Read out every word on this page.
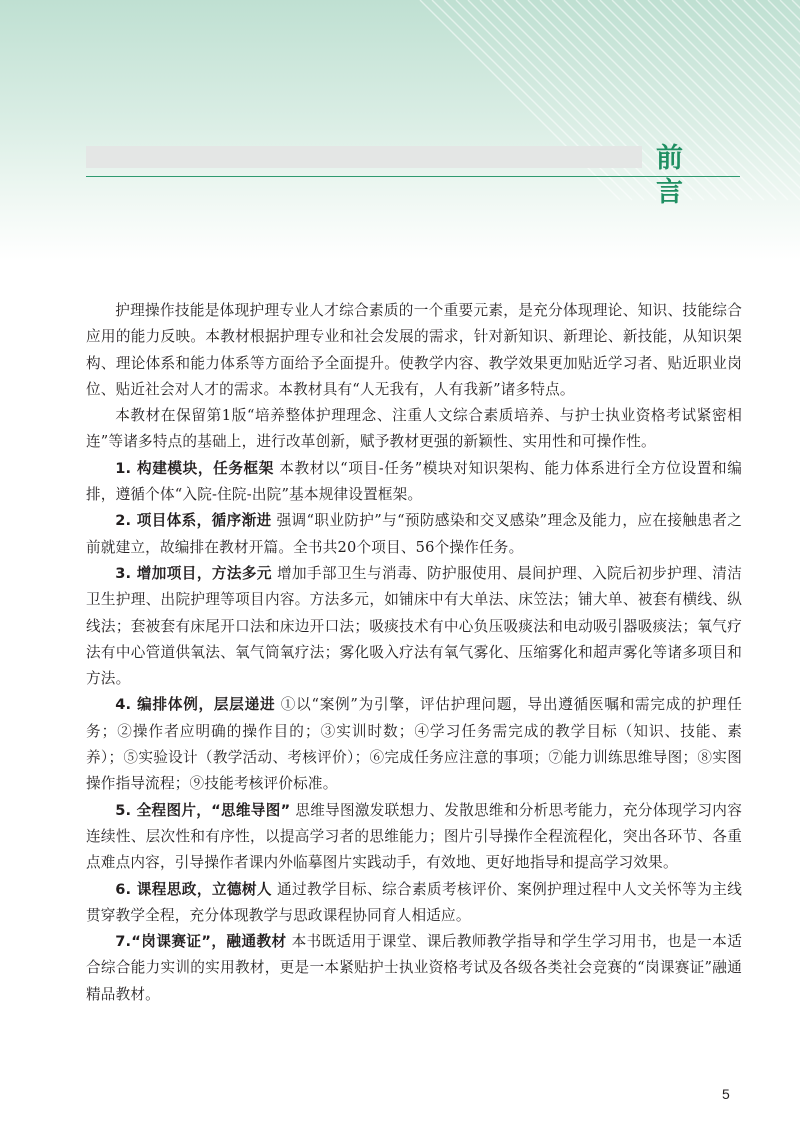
前 言

护理操作技能是体现护理专业人才综合素质的一个重要元素，是充分体现理论、知识、技能综合应用的能力反映。本教材根据护理专业和社会发展的需求，针对新知识、新理论、新技能，从知识架构、理论体系和能力体系等方面给予全面提升。使教学内容、教学效果更加贴近学习者、贴近职业岗位、贴近社会对人才的需求。本教材具有“人无我有，人有我新”诸多特点。

本教材在保留第1版“培养整体护理理念、注重人文综合素质培养、与护士执业资格考试紧密相连”等诸多特点的基础上，进行改革创新，赋予教材更强的新颖性、实用性和可操作性。

1. 构建模块，任务框架 本教材以“项目-任务”模块对知识架构、能力体系进行全方位设置和编排，遵循个体“入院-住院-出院”基本规律设置框架。

2. 项目体系，循序渐进 强调“职业防护”与“预防感染和交叉感染”理念及能力，应在接触患者之前就建立，故编排在教材开篇。全书共20个项目、56个操作任务。

3. 增加项目，方法多元 增加手部卫生与消毒、防护服使用、晨间护理、入院后初步护理、清洁卫生护理、出院护理等项目内容。方法多元，如铺床中有大单法、床笠法；铺大单、被套有横线、纵线法；套被套有床尾开口法和床边开口法；吸痰技术有中心负压吸痰法和电动吸引器吸痰法；氧气疗法有中心管道供氧法、氧气筒氧疗法；雾化吸入疗法有氧气雾化、压缩雾化和超声雾化等诸多项目和方法。

4. 编排体例，层层递进 ①以“案例”为引擎，评估护理问题，导出遵循医嘱和需完成的护理任务；②操作者应明确的操作目的；③实训时数；④学习任务需完成的教学目标（知识、技能、素养）；⑤实验设计（教学活动、考核评价）；⑥完成任务应注意的事项；⑦能力训练思维导图；⑧实图操作指导流程；⑨技能考核评价标准。

5. 全程图片，“思维导图” 思维导图激发联想力、发散思维和分析思考能力，充分体现学习内容连续性、层次性和有序性，以提高学习者的思维能力；图片引导操作全程流程化，突出各环节、各重点难点内容，引导操作者课内外临摹图片实践动手，有效地、更好地指导和提高学习效果。

6. 课程思政，立德树人 通过教学目标、综合素质考核评价、案例护理过程中人文关怀等为主线贯穿教学全程，充分体现教学与思政课程协同育人相适应。

7.“岗课赛证”，融通教材 本书既适用于课堂、课后教师教学指导和学生学习用书，也是一本适合综合能力实训的实用教材，更是一本紧贴护士执业资格考试及各级各类社会竞赛的“岗课赛证”融通精品教材。

5
